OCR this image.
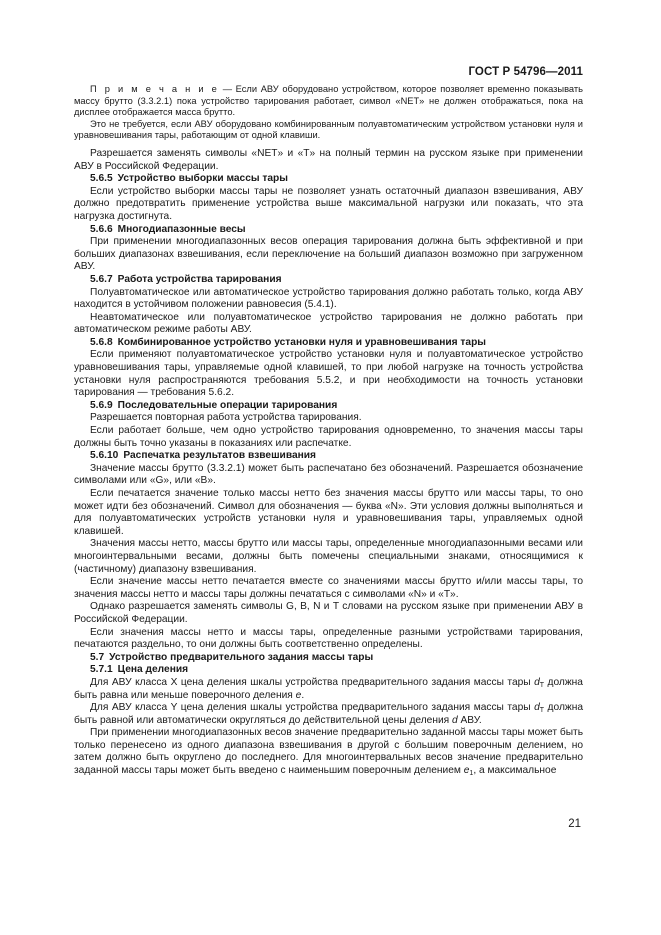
ГОСТ Р 54796—2011

П р и м е ч а н и е — Если АВУ оборудовано устройством, которое позволяет временно показывать массу брутто (3.3.2.1) пока устройство тарирования работает, символ «NET» не должен отображаться, пока на дисплее отображается масса брутто.

Это не требуется, если АВУ оборудовано комбинированным полуавтоматическим устройством установки нуля и уравновешивания тары, работающим от одной клавиши.

Разрешается заменять символы «NET» и «T» на полный термин на русском языке при применении АВУ в Российской Федерации.

5.6.5 Устройство выборки массы тары

Если устройство выборки массы тары не позволяет узнать остаточный диапазон взвешивания, АВУ должно предотвратить применение устройства выше максимальной нагрузки или показать, что эта нагрузка достигнута.

5.6.6 Многодиапазонные весы

При применении многодиапазонных весов операция тарирования должна быть эффективной и при больших диапазонах взвешивания, если переключение на больший диапазон возможно при загруженном АВУ.

5.6.7 Работа устройства тарирования

Полуавтоматическое или автоматическое устройство тарирования должно работать только, когда АВУ находится в устойчивом положении равновесия (5.4.1).

Неавтоматическое или полуавтоматическое устройство тарирования не должно работать при автоматическом режиме работы АВУ.

5.6.8 Комбинированное устройство установки нуля и уравновешивания тары

Если применяют полуавтоматическое устройство установки нуля и полуавтоматическое устройство уравновешивания тары, управляемые одной клавишей, то при любой нагрузке на точность устройства установки нуля распространяются требования 5.5.2, и при необходимости на точность установки тарирования — требования 5.6.2.

5.6.9 Последовательные операции тарирования

Разрешается повторная работа устройства тарирования.

Если работает больше, чем одно устройство тарирования одновременно, то значения массы тары должны быть точно указаны в показаниях или распечатке.

5.6.10 Распечатка результатов взвешивания

Значение массы брутто (3.3.2.1) может быть распечатано без обозначений. Разрешается обозначение символами или «G», или «B».

Если печатается значение только массы нетто без значения массы брутто или массы тары, то оно может идти без обозначений. Символ для обозначения — буква «N». Эти условия должны выполняться и для полуавтоматических устройств установки нуля и уравновешивания тары, управляемых одной клавишей.

Значения массы нетто, массы брутто или массы тары, определенные многодиапазонными весами или многоинтервальными весами, должны быть помечены специальными знаками, относящимися к (частичному) диапазону взвешивания.

Если значение массы нетто печатается вместе со значениями массы брутто и/или массы тары, то значения массы нетто и массы тары должны печататься с символами «N» и «T».

Однако разрешается заменять символы G, B, N и T словами на русском языке при применении АВУ в Российской Федерации.

Если значения массы нетто и массы тары, определенные разными устройствами тарирования, печатаются раздельно, то они должны быть соответственно определены.

5.7 Устройство предварительного задания массы тары

5.7.1 Цена деления

Для АВУ класса X цена деления шкалы устройства предварительного задания массы тары $d_T$ должна быть равна или меньше поверочного деления e.

Для АВУ класса Y цена деления шкалы устройства предварительного задания массы тары $d_T$ должна быть равной или автоматически округляться до действительной цены деления d АВУ.

При применении многодиапазонных весов значение предварительно заданной массы тары может быть только перенесено из одного диапазона взвешивания в другой с большим поверочным делением, но затем должно быть округлено до последнего. Для многоинтервальных весов значение предварительно заданной массы тары может быть введено с наименьшим поверочным делением $e_1$, а максимальное

21
